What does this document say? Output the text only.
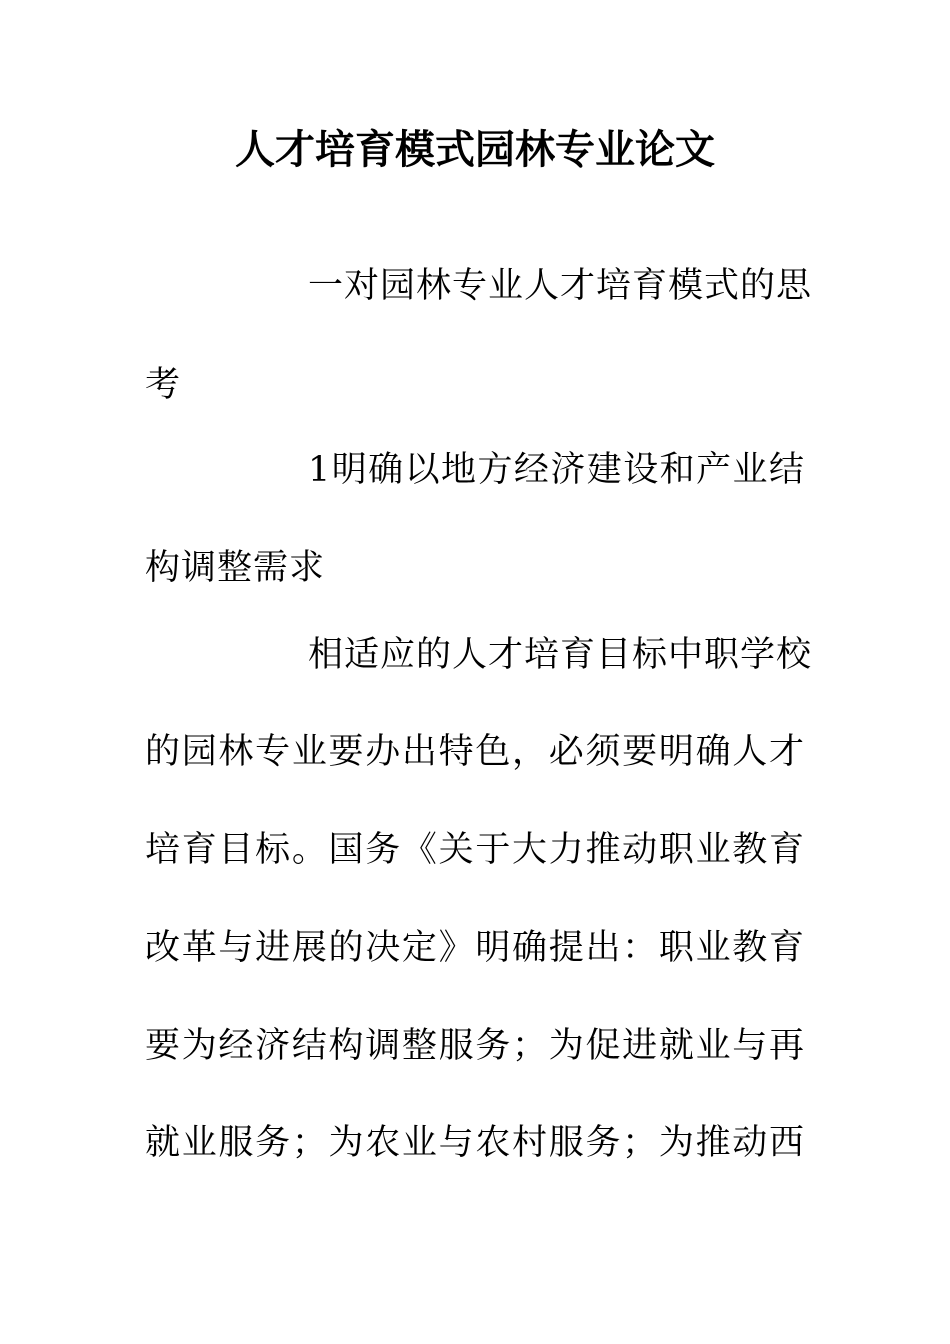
人才培育模式园林专业论文
一对园林专业人才培育模式的思
考
1明确以地方经济建设和产业结
构调整需求
相适应的人才培育目标中职学校
的园林专业要办出特色，必须要明确人才
培育目标。国务《关于大力推动职业教育
改革与进展的决定》明确提出：职业教育
要为经济结构调整服务；为促进就业与再
就业服务；为农业与农村服务；为推动西
